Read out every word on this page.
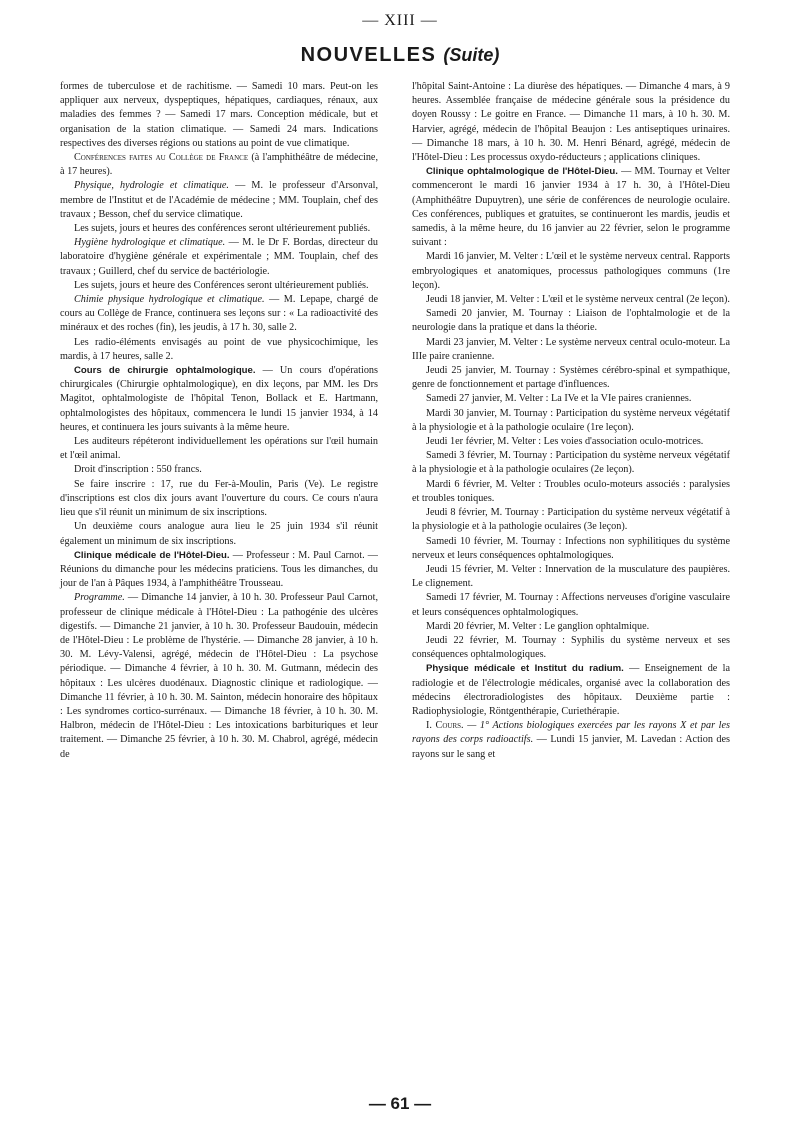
— XIII —
NOUVELLES (Suite)

formes de tuberculose et de rachitisme. — Samedi 10 mars. Peut-on les appliquer aux nerveux, dyspeptiques, hépatiques, cardiaques, rénaux, aux maladies des femmes ? — Samedi 17 mars. Conception médicale, but et organisation de la station climatique. — Samedi 24 mars. Indications respectives des diverses régions ou stations au point de vue climatique.

Conférences faites au Collège de France (à l'amphithéâtre de médecine, à 17 heures).

Physique, hydrologie et climatique. — M. le professeur d'Arsonval, membre de l'Institut et de l'Académie de médecine ; MM. Touplain, chef des travaux ; Besson, chef du service climatique.

Les sujets, jours et heures des conférences seront ultérieurement publiés.

Hygiène hydrologique et climatique. — M. le Dr F. Bordas, directeur du laboratoire d'hygiène générale et expérimentale ; MM. Touplain, chef des travaux ; Guillerd, chef du service de bactériologie.

Les sujets, jours et heure des Conférences seront ultérieurement publiés.

Chimie physique hydrologique et climatique. — M. Lepape, chargé de cours au Collège de France, continuera ses leçons sur : « La radioactivité des minéraux et des roches (fin), les jeudis, à 17 h. 30, salle 2.

Les radio-éléments envisagés au point de vue physicochimique, les mardis, à 17 heures, salle 2.

Cours de chirurgie ophtalmologique. — Un cours d'opérations chirurgicales (Chirurgie ophtalmologique), en dix leçons, par MM. les Drs Magitot, ophtalmologiste de l'hôpital Tenon, Bollack et E. Hartmann, ophtalmologistes des hôpitaux, commencera le lundi 15 janvier 1934, à 14 heures, et continuera les jours suivants à la même heure.

Les auditeurs répéteront individuellement les opérations sur l'œil humain et l'œil animal.

Droit d'inscription : 550 francs.

Se faire inscrire : 17, rue du Fer-à-Moulin, Paris (Ve). Le registre d'inscriptions est clos dix jours avant l'ouverture du cours. Ce cours n'aura lieu que s'il réunit un minimum de six inscriptions.

Un deuxième cours analogue aura lieu le 25 juin 1934 s'il réunit également un minimum de six inscriptions.

Clinique médicale de l'Hôtel-Dieu. — Professeur : M. Paul Carnot. — Réunions du dimanche pour les médecins praticiens. Tous les dimanches, du jour de l'an à Pâques 1934, à l'amphithéâtre Trousseau.

Programme. — Dimanche 14 janvier, à 10 h. 30. Professeur Paul Carnot, professeur de clinique médicale à l'Hôtel-Dieu : La pathogénie des ulcères digestifs. — Dimanche 21 janvier, à 10 h. 30. Professeur Baudouin, médecin de l'Hôtel-Dieu : Le problème de l'hystérie. — Dimanche 28 janvier, à 10 h. 30. M. Lévy-Valensi, agrégé, médecin de l'Hôtel-Dieu : La psychose périodique. — Dimanche 4 février, à 10 h. 30. M. Gutmann, médecin des hôpitaux : Les ulcères duodénaux. Diagnostic clinique et radiologique. — Dimanche 11 février, à 10 h. 30. M. Sainton, médecin honoraire des hôpitaux : Les syndromes cortico-surrénaux. — Dimanche 18 février, à 10 h. 30. M. Halbron, médecin de l'Hôtel-Dieu : Les intoxications barbituriques et leur traitement. — Dimanche 25 février, à 10 h. 30. M. Chabrol, agrégé, médecin de

l'hôpital Saint-Antoine : La diurèse des hépatiques. — Dimanche 4 mars, à 9 heures. Assemblée française de médecine générale sous la présidence du doyen Roussy : Le goitre en France. — Dimanche 11 mars, à 10 h. 30. M. Harvier, agrégé, médecin de l'hôpital Beaujon : Les antiseptiques urinaires. — Dimanche 18 mars, à 10 h. 30. M. Henri Bénard, agrégé, médecin de l'Hôtel-Dieu : Les processus oxydo-réducteurs ; applications cliniques.

Clinique ophtalmologique de l'Hôtel-Dieu. — MM. Tournay et Velter commenceront le mardi 16 janvier 1934 à 17 h. 30, à l'Hôtel-Dieu (Amphithéâtre Dupuytren), une série de conférences de neurologie oculaire. Ces conférences, publiques et gratuites, se continueront les mardis, jeudis et samedis, à la même heure, du 16 janvier au 22 février, selon le programme suivant :

Mardi 16 janvier, M. Velter : L'œil et le système nerveux central. Rapports embryologiques et anatomiques, processus pathologiques communs (1re leçon).

Jeudi 18 janvier, M. Velter : L'œil et le système nerveux central (2e leçon).

Samedi 20 janvier, M. Tournay : Liaison de l'ophtalmologie et de la neurologie dans la pratique et dans la théorie.

Mardi 23 janvier, M. Velter : Le système nerveux central oculo-moteur. La IIIe paire cranienne.

Jeudi 25 janvier, M. Tournay : Systèmes cérébro-spinal et sympathique, genre de fonctionnement et partage d'influences.

Samedi 27 janvier, M. Velter : La IVe et la VIe paires craniennes.

Mardi 30 janvier, M. Tournay : Participation du système nerveux végétatif à la physiologie et à la pathologie oculaire (1re leçon).

Jeudi 1er février, M. Velter : Les voies d'association oculo-motrices.

Samedi 3 février, M. Tournay : Participation du système nerveux végétatif à la physiologie et à la pathologie oculaires (2e leçon).

Mardi 6 février, M. Velter : Troubles oculo-moteurs associés : paralysies et troubles toniques.

Jeudi 8 février, M. Tournay : Participation du système nerveux végétatif à la physiologie et à la pathologie oculaires (3e leçon).

Samedi 10 février, M. Tournay : Infections non syphilitiques du système nerveux et leurs conséquences ophtalmologiques.

Jeudi 15 février, M. Velter : Innervation de la musculature des paupières. Le clignement.

Samedi 17 février, M. Tournay : Affections nerveuses d'origine vasculaire et leurs conséquences ophtalmologiques.

Mardi 20 février, M. Velter : Le ganglion ophtalmique.

Jeudi 22 février, M. Tournay : Syphilis du système nerveux et ses conséquences ophtalmologiques.

Physique médicale et Institut du radium. — Enseignement de la radiologie et de l'électrologie médicales, organisé avec la collaboration des médecins électroradiologistes des hôpitaux. Deuxième partie : Radiophysiologie, Röntgenthérapie, Curiethérapie.

I. Cours. — 1° Actions biologiques exercées par les rayons X et par les rayons des corps radioactifs. — Lundi 15 janvier, M. Lavedan : Action des rayons sur le sang et

— 61 —
